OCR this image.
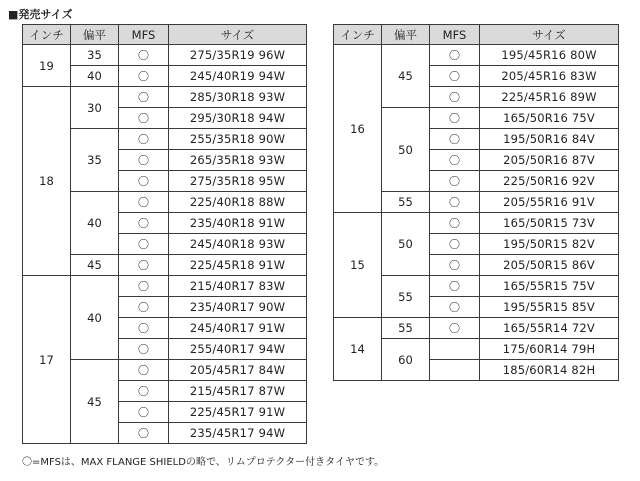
■発売サイズ
インチ	偏平	MFS	サイズ
19	35	〇	275/35R19 96W
	40	〇	245/40R19 94W
18	30	〇	285/30R18 93W
		〇	295/30R18 94W
	35	〇	255/35R18 90W
		〇	265/35R18 93W
		〇	275/35R18 95W
	40	〇	225/40R18 88W
		〇	235/40R18 91W
		〇	245/40R18 93W
	45	〇	225/45R18 91W
17	40	〇	215/40R17 83W
		〇	235/40R17 90W
		〇	245/40R17 91W
		〇	255/40R17 94W
	45	〇	205/45R17 84W
		〇	215/45R17 87W
		〇	225/45R17 91W
		〇	235/45R17 94W
インチ	偏平	MFS	サイズ
16	45	〇	195/45R16 80W
		〇	205/45R16 83W
		〇	225/45R16 89W
	50	〇	165/50R16 75V
		〇	195/50R16 84V
		〇	205/50R16 87V
		〇	225/50R16 92V
	55	〇	205/55R16 91V
15	50	〇	165/50R15 73V
		〇	195/50R15 82V
		〇	205/50R15 86V
	55	〇	165/55R15 75V
		〇	195/55R15 85V
14	55	〇	165/55R14 72V
	60		175/60R14 79H
			185/60R14 82H
〇=MFSは、MAX FLANGE SHIELDの略で、リムプロテクター付きタイヤです。
